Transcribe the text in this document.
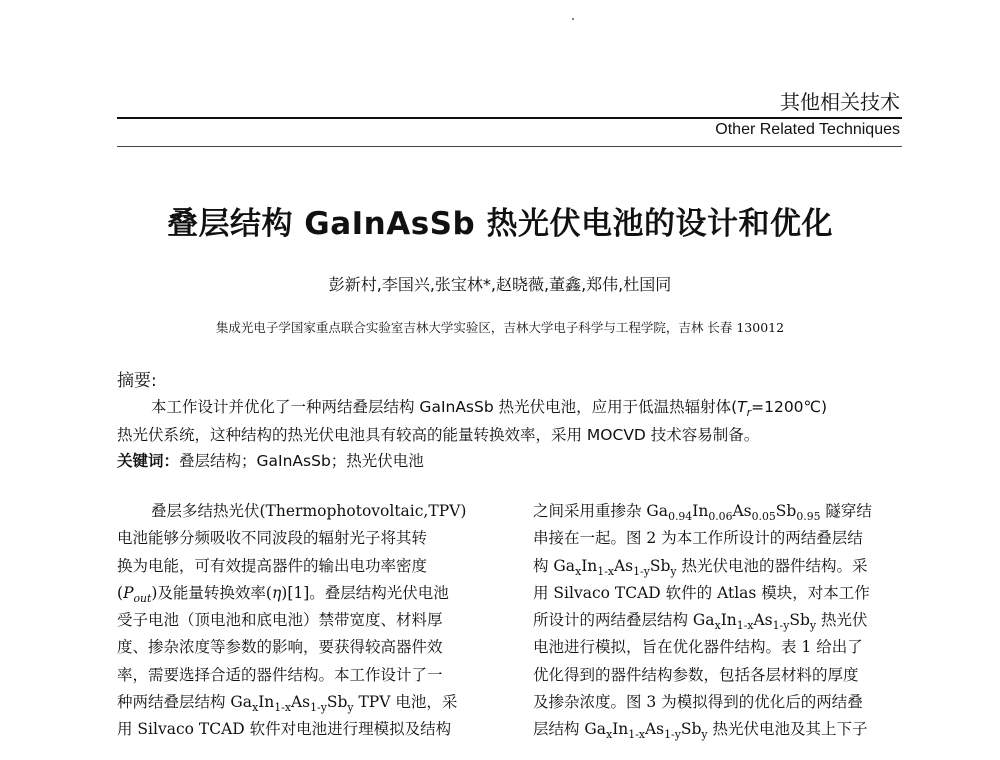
其他相关技术
Other Related Techniques
叠层结构 GaInAsSb 热光伏电池的设计和优化
彭新村,李国兴,张宝林*,赵晓薇,董鑫,郑伟,杜国同
集成光电子学国家重点联合实验室吉林大学实验区，吉林大学电子科学与工程学院，吉林 长春 130012
摘要:
本工作设计并优化了一种两结叠层结构 GaInAsSb 热光伏电池，应用于低温热辐射体$(T_r=1200℃)$
热光伏系统，这种结构的热光伏电池具有较高的能量转换效率，采用 MOCVD 技术容易制备。
关键词：叠层结构；GaInAsSb；热光伏电池
叠层多结热光伏(Thermophotovoltaic,TPV)
电池能够分频吸收不同波段的辐射光子将其转
换为电能，可有效提高器件的输出电功率密度
$(P_{out})$及能量转换效率(η)[1]。叠层结构光伏电池
受子电池（顶电池和底电池）禁带宽度、材料厚
度、掺杂浓度等参数的影响，要获得较高器件效
率，需要选择合适的器件结构。本工作设计了一
种两结叠层结构 $Ga_xIn_{1-x}As_{1-y}Sb_y$ TPV 电池，采
用 Silvaco TCAD 软件对电池进行理模拟及结构
之间采用重掺杂 $Ga_{0.94}In_{0.06}As_{0.05}Sb_{0.95}$ 隧穿结
串接在一起。图 2 为本工作所设计的两结叠层结
构 $Ga_xIn_{1-x}As_{1-y}Sb_y$ 热光伏电池的器件结构。采
用 Silvaco TCAD 软件的 Atlas 模块，对本工作
所设计的两结叠层结构 $Ga_xIn_{1-x}As_{1-y}Sb_y$ 热光伏
电池进行模拟，旨在优化器件结构。表 1 给出了
优化得到的器件结构参数，包括各层材料的厚度
及掺杂浓度。图 3 为模拟得到的优化后的两结叠
层结构 $Ga_xIn_{1-x}As_{1-y}Sb_y$ 热光伏电池及其上下子
